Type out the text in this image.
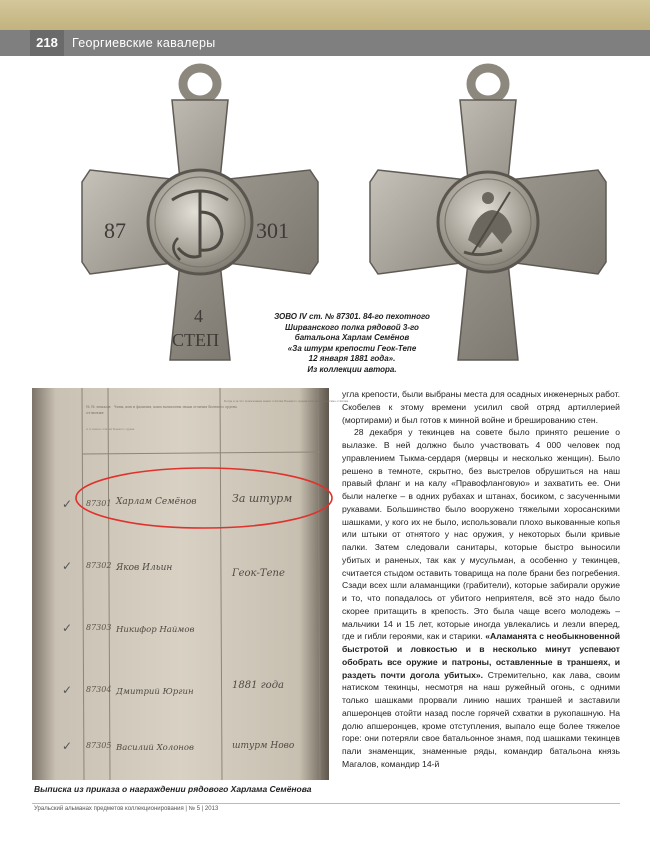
218	Георгиевские кавалеры
87	301
4
СТЕП
ЗОВО IV ст. № 87301. 84-го пехотного
Ширванского полка рядовой 3-го
батальона Харлам Семёнов
«За штурм крепости Геок-Тепе
12 января 1881 года».
Из коллекции автора.
№ № знаков отличия
Чины, имя и фамилия, коим назначены знаки отличия Военного ордена
Когда и за что пожалованы знаки отличия Военного ордена или какие воинские отличия
№ № знаков отличия Военного ордена
✓ 87301 Харлам Семёнов	За штурм
✓ 87302 Яков Ильин	Геок-Тепе
✓ 87303 Никифор Наймов
✓ 87304 Дмитрий Юргин
1881 года
✓ 87305 Василий Холонов	штурм Ново
Выписка из приказа о награждении рядового Харлама Семёнова

угла крепости, были выбраны места для осадных инженерных работ. Скобелев к этому времени усилил свой отряд артиллерией (мортирами) и был готов к минной войне и брешированию стен.

28 декабря у текинцев на совете было принято решение о вылазке. В ней должно было участвовать 4 000 человек под управлением Тыкма-сердаря (мервцы и несколько женщин). Было решено в темноте, скрытно, без выстрелов обрушиться на наш правый фланг и на калу «Правофланговую» и захватить ее. Они были налегке – в одних рубахах и штанах, босиком, с засученными рукавами. Большинство было вооружено тяжелыми хоросанскими шашками, у кого их не было, использовали плохо выкованные копья или штыки от отнятого у нас оружия, у некоторых были кривые палки. Затем следовали санитары, которые быстро выносили убитых и раненых, так как у мусульман, а особенно у текинцев, считается стыдом оставить товарища на поле брани без погребения. Сзади всех шли аламанщики (грабители), которые забирали оружие и то, что попадалось от убитого неприятеля, всё это надо было скорее притащить в крепость. Это была чаще всего молодежь – мальчики 14 и 15 лет, которые иногда увлекались и лезли вперед, где и гибли героями, как и старики. «Аламанята с необыкновенной быстротой и ловкостью и в несколько минут успевают обобрать все оружие и патроны, оставленные в траншеях, и раздеть почти догола убитых». Стремительно, как лава, своим натиском текинцы, несмотря на наш ружейный огонь, с одними только шашками прорвали линию наших траншей и заставили апшеронцев отойти назад после горячей схватки в рукопашную. На долю апшеронцев, кроме отступления, выпало еще более тяжелое горе: они потеряли свое батальонное знамя, под шашками текинцев пали знаменщик, знаменные ряды, командир батальона князь Магалов, командир 14-й

Уральский альманах предметов коллекционирования | № 5 | 2013
